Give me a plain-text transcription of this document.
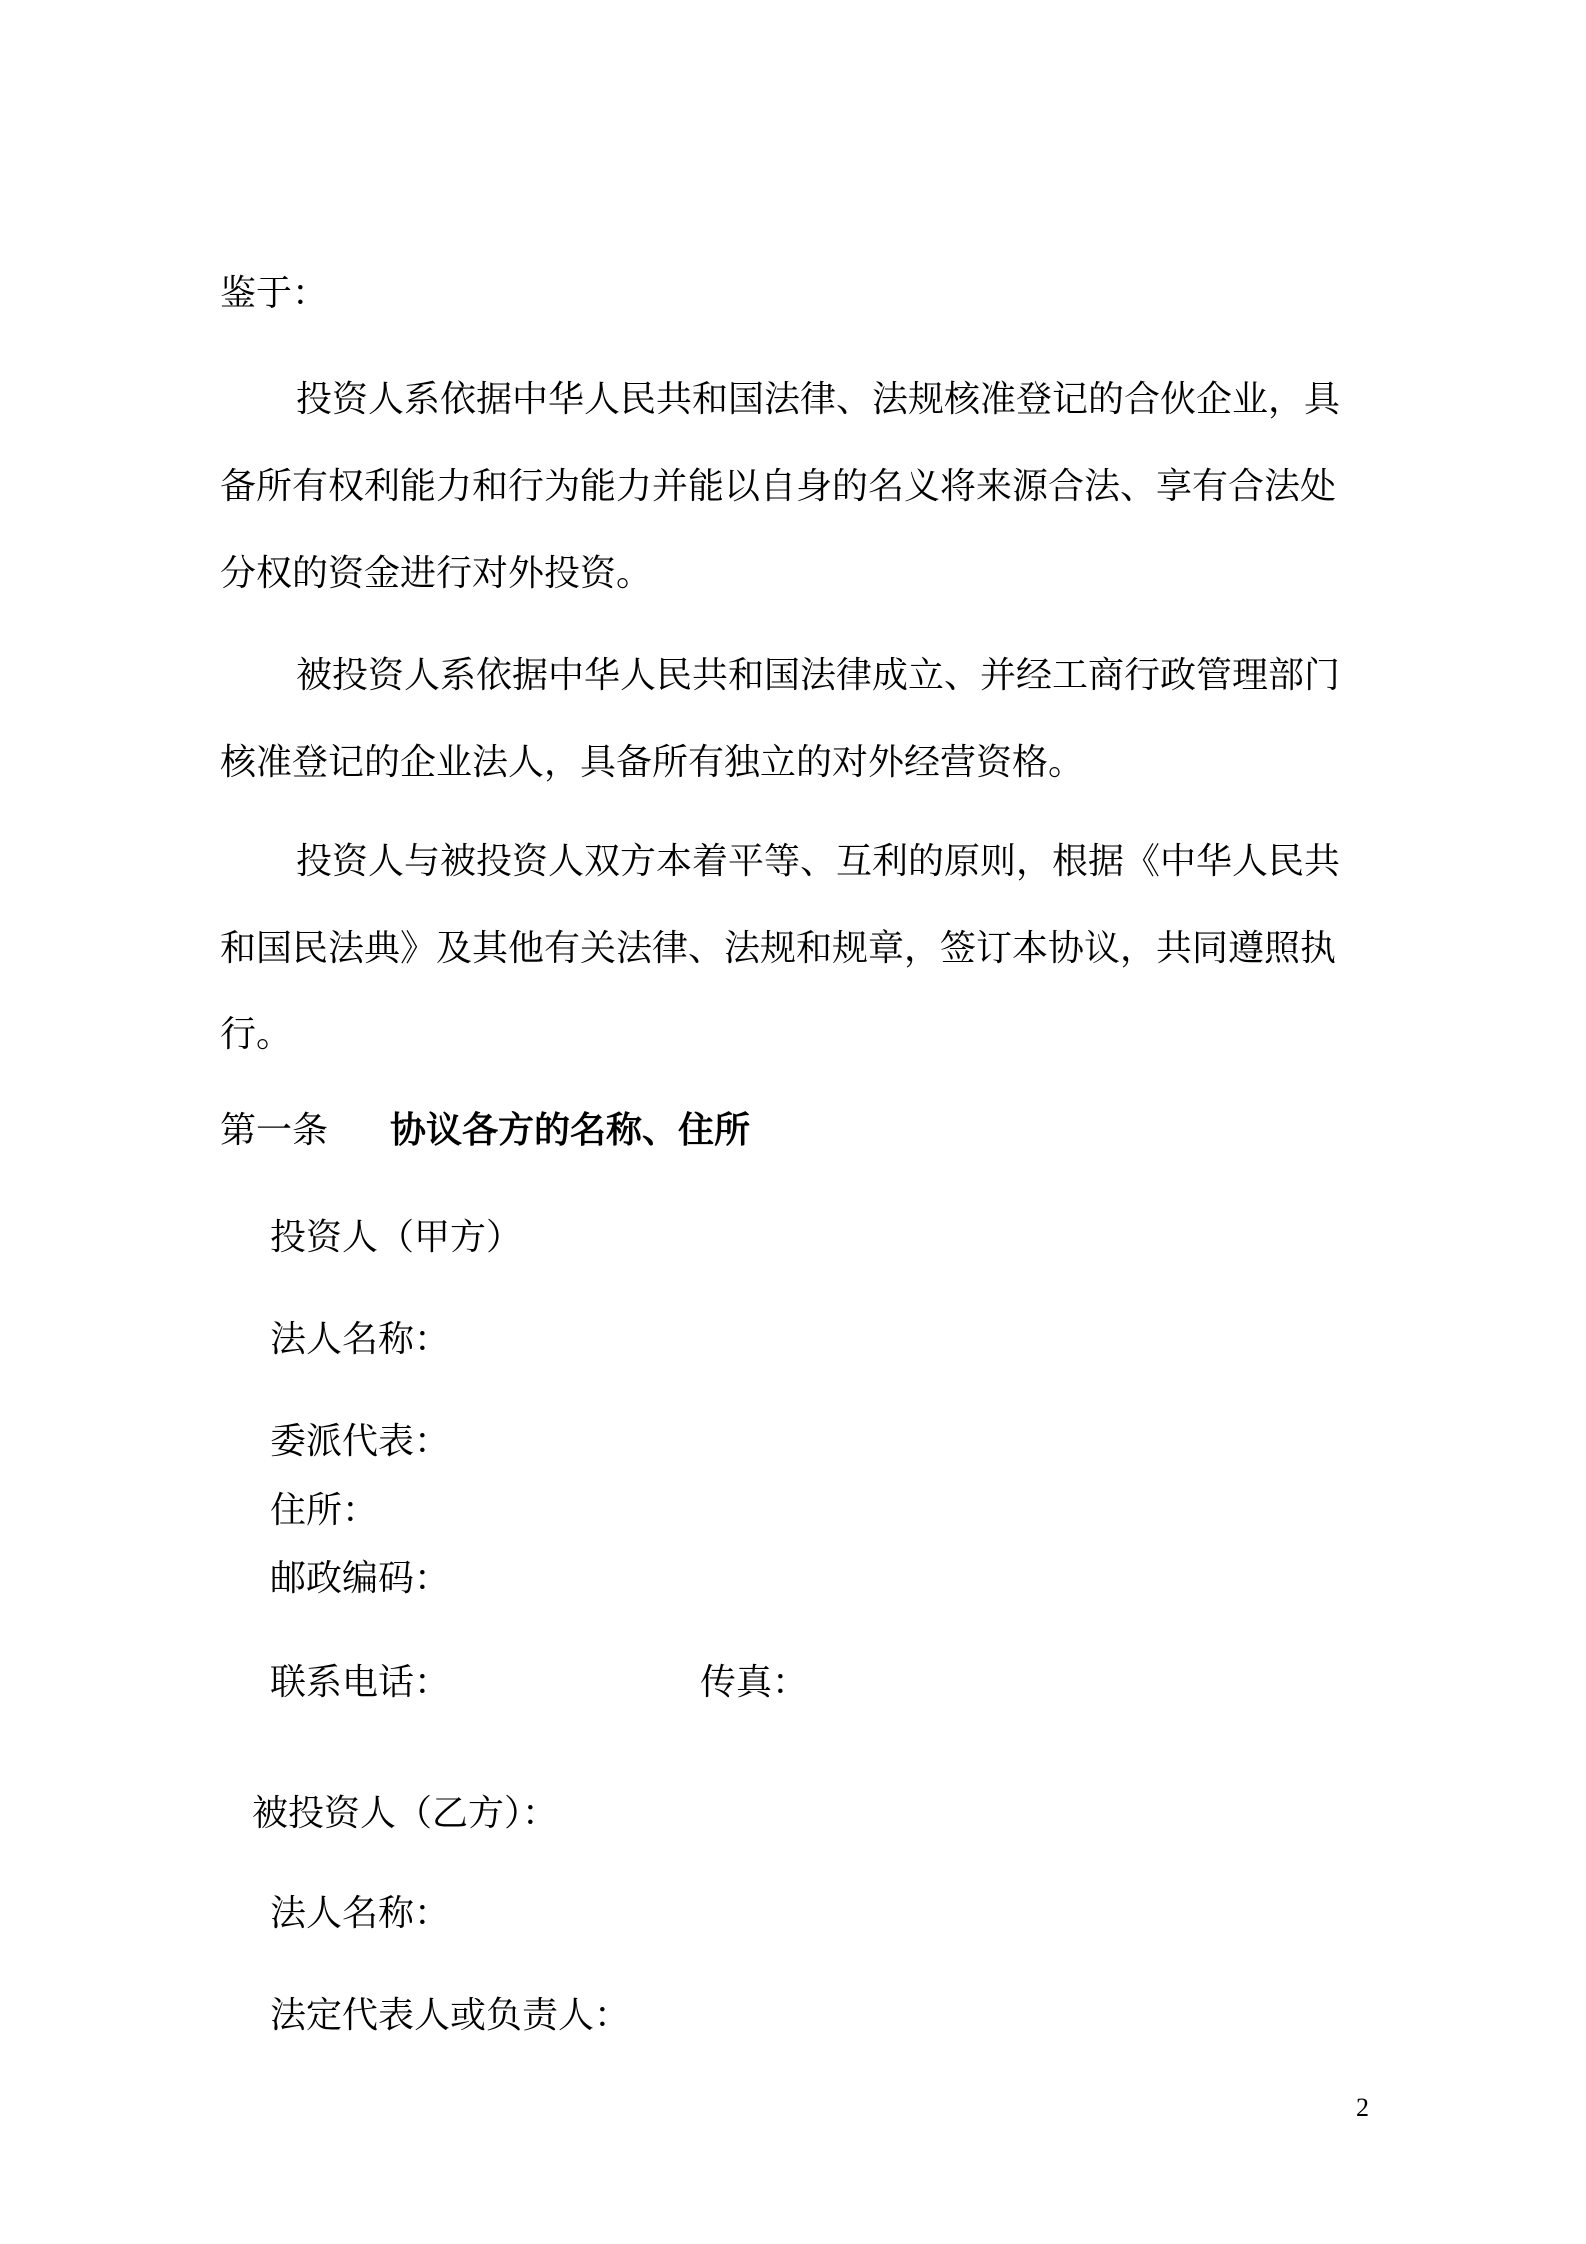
鉴于：
投资人系依据中华人民共和国法律、法规核准登记的合伙企业，具
备所有权利能力和行为能力并能以自身的名义将来源合法、享有合法处
分权的资金进行对外投资。
被投资人系依据中华人民共和国法律成立、并经工商行政管理部门
核准登记的企业法人，具备所有独立的对外经营资格。
投资人与被投资人双方本着平等、互利的原则，根据《中华人民共
和国民法典》及其他有关法律、法规和规章，签订本协议，共同遵照执
行。
第一条 协议各方的名称、住所
投资人（甲方）
法人名称：
委派代表：
住所：
邮政编码：
联系电话：	传真：
被投资人（乙方）：
法人名称：
法定代表人或负责人：
2
